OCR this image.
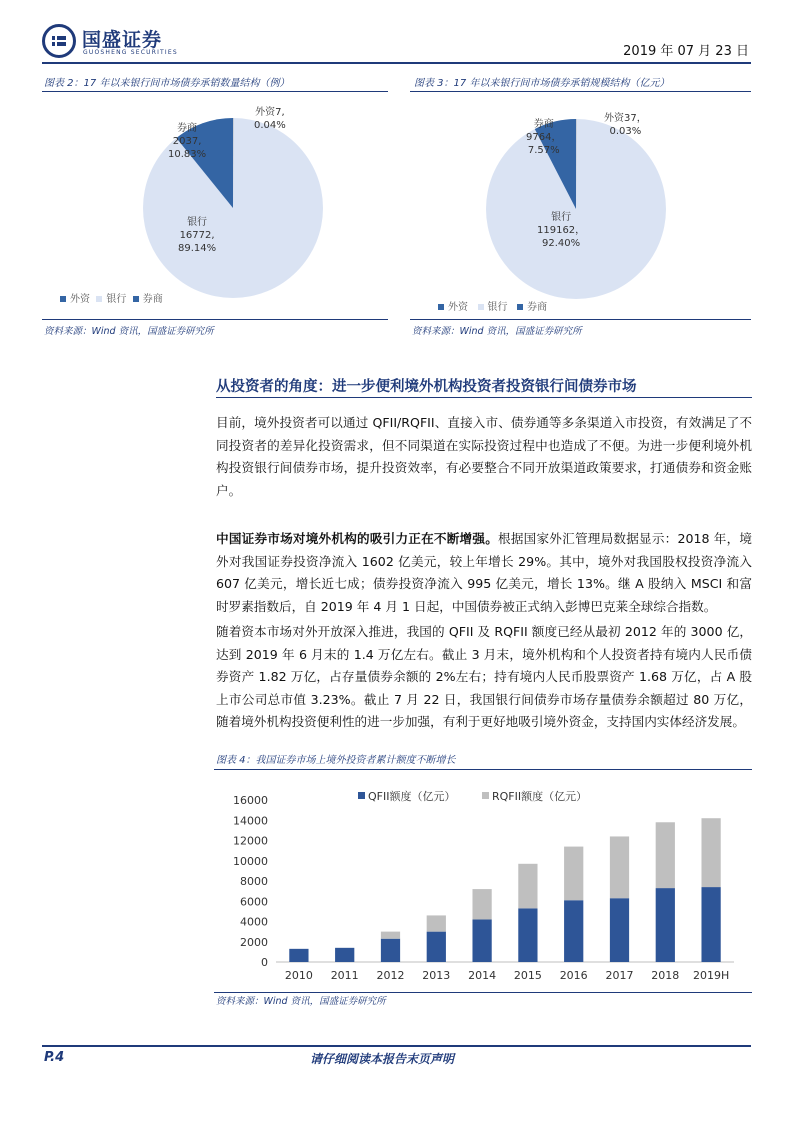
国盛证券
GUOSHENG SECURITIES	2019 年 07 月 23 日
图表 2：17 年以来银行间市场债券承销数量结构（例）
外资7,
0.04%
券商
2037,
10.83%
银行
16772,
89.14%
外资 银行 券商
资料来源：Wind 资讯，国盛证券研究所
图表 3：17 年以来银行间市场债券承销规模结构（亿元）
外资37，
0.03%
券商
9764，
7.57%
银行
119162，
92.40%
外资 银行 券商
资料来源：Wind 资讯，国盛证券研究所
从投资者的角度：进一步便利境外机构投资者投资银行间债券市场
目前，境外投资者可以通过 QFII/RQFII、直接入市、债券通等多条渠道入市投资，有效满足了不同投资者的差异化投资需求，但不同渠道在实际投资过程中也造成了不便。为进一步便利境外机构投资银行间债券市场，提升投资效率，有必要整合不同开放渠道政策要求，打通债券和资金账户。
中国证券市场对境外机构的吸引力正在不断增强。根据国家外汇管理局数据显示：2018 年，境外对我国证券投资净流入 1602 亿美元，较上年增长 29%。其中，境外对我国股权投资净流入 607 亿美元，增长近七成；债券投资净流入 995 亿美元，增长 13%。继 A 股纳入 MSCI 和富时罗素指数后，自 2019 年 4 月 1 日起，中国债券被正式纳入彭博巴克莱全球综合指数。
随着资本市场对外开放深入推进，我国的 QFII 及 RQFII 额度已经从最初 2012 年的 3000 亿，达到 2019 年 6 月末的 1.4 万亿左右。截止 3 月末，境外机构和个人投资者持有境内人民币债券资产 1.82 万亿，占存量债券余额的 2%左右；持有境内人民币股票资产 1.68 万亿，占 A 股上市公司总市值 3.23%。截止 7 月 22 日，我国银行间债券市场存量债券余额超过 80 万亿，随着境外机构投资便利性的进一步加强，有利于更好地吸引境外资金，支持国内实体经济发展。
图表 4：我国证券市场上境外投资者累计额度不断增长
QFII额度（亿元）	RQFII额度（亿元）
0
2000
4000
6000
8000
10000
12000
14000
16000
2010 2011 2012 2013 2014 2015 2016 2017 2018 2019H
资料来源：Wind 资讯，国盛证券研究所
P.4	请仔细阅读本报告末页声明
